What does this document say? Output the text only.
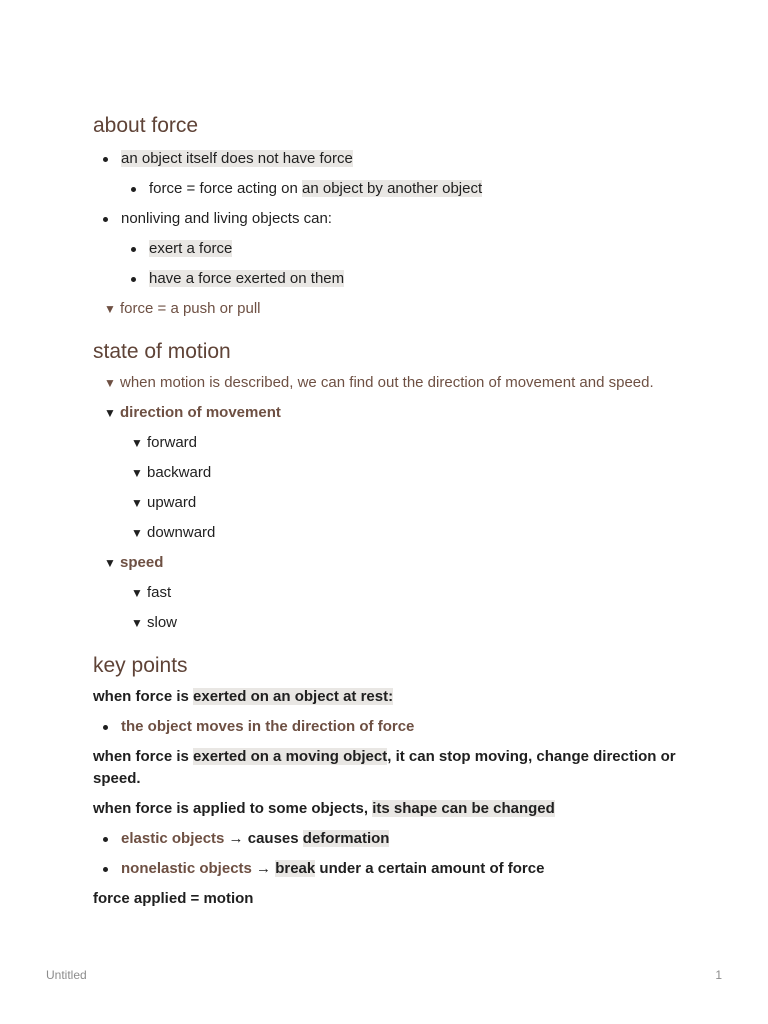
about force
an object itself does not have force
force = force acting on an object by another object
nonliving and living objects can:
exert a force
have a force exerted on them
▼ force = a push or pull
state of motion
▼ when motion is described, we can find out the direction of movement and speed.
▼ direction of movement
▼ forward
▼ backward
▼ upward
▼ downward
▼ speed
▼ fast
▼ slow
key points
when force is exerted on an object at rest:
the object moves in the direction of force
when force is exerted on a moving object, it can stop moving, change direction or speed.
when force is applied to some objects, its shape can be changed
elastic objects → causes deformation
nonelastic objects → break under a certain amount of force
force applied = motion
Untitled	1
